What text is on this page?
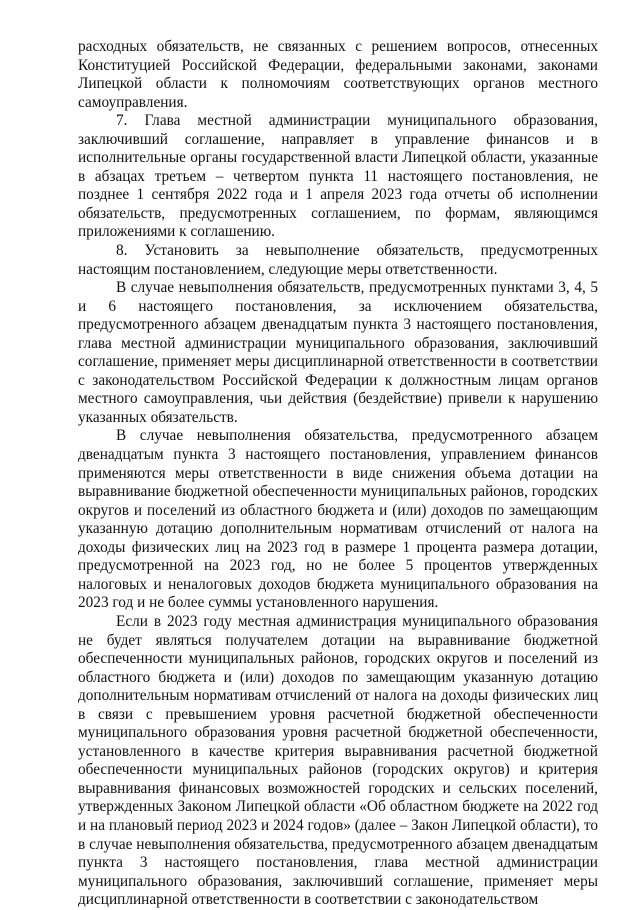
расходных обязательств, не связанных с решением вопросов, отнесенных Конституцией Российской Федерации, федеральными законами, законами Липецкой области к полномочиям соответствующих органов местного самоуправления.

7. Глава местной администрации муниципального образования, заключивший соглашение, направляет в управление финансов и в исполнительные органы государственной власти Липецкой области, указанные в абзацах третьем – четвертом пункта 11 настоящего постановления, не позднее 1 сентября 2022 года и 1 апреля 2023 года отчеты об исполнении обязательств, предусмотренных соглашением, по формам, являющимся приложениями к соглашению.

8. Установить за невыполнение обязательств, предусмотренных настоящим постановлением, следующие меры ответственности.

В случае невыполнения обязательств, предусмотренных пунктами 3, 4, 5 и 6 настоящего постановления, за исключением обязательства, предусмотренного абзацем двенадцатым пункта 3 настоящего постановления, глава местной администрации муниципального образования, заключивший соглашение, применяет меры дисциплинарной ответственности в соответствии с законодательством Российской Федерации к должностным лицам органов местного самоуправления, чьи действия (бездействие) привели к нарушению указанных обязательств.

В случае невыполнения обязательства, предусмотренного абзацем двенадцатым пункта 3 настоящего постановления, управлением финансов применяются меры ответственности в виде снижения объема дотации на выравнивание бюджетной обеспеченности муниципальных районов, городских округов и поселений из областного бюджета и (или) доходов по замещающим указанную дотацию дополнительным нормативам отчислений от налога на доходы физических лиц на 2023 год в размере 1 процента размера дотации, предусмотренной на 2023 год, но не более 5 процентов утвержденных налоговых и неналоговых доходов бюджета муниципального образования на 2023 год и не более суммы установленного нарушения.

Если в 2023 году местная администрация муниципального образования не будет являться получателем дотации на выравнивание бюджетной обеспеченности муниципальных районов, городских округов и поселений из областного бюджета и (или) доходов по замещающим указанную дотацию дополнительным нормативам отчислений от налога на доходы физических лиц в связи с превышением уровня расчетной бюджетной обеспеченности муниципального образования уровня расчетной бюджетной обеспеченности, установленного в качестве критерия выравнивания расчетной бюджетной обеспеченности муниципальных районов (городских округов) и критерия выравнивания финансовых возможностей городских и сельских поселений, утвержденных Законом Липецкой области «Об областном бюджете на 2022 год и на плановый период 2023 и 2024 годов» (далее – Закон Липецкой области), то в случае невыполнения обязательства, предусмотренного абзацем двенадцатым пункта 3 настоящего постановления, глава местной администрации муниципального образования, заключивший соглашение, применяет меры дисциплинарной ответственности в соответствии с законодательством
